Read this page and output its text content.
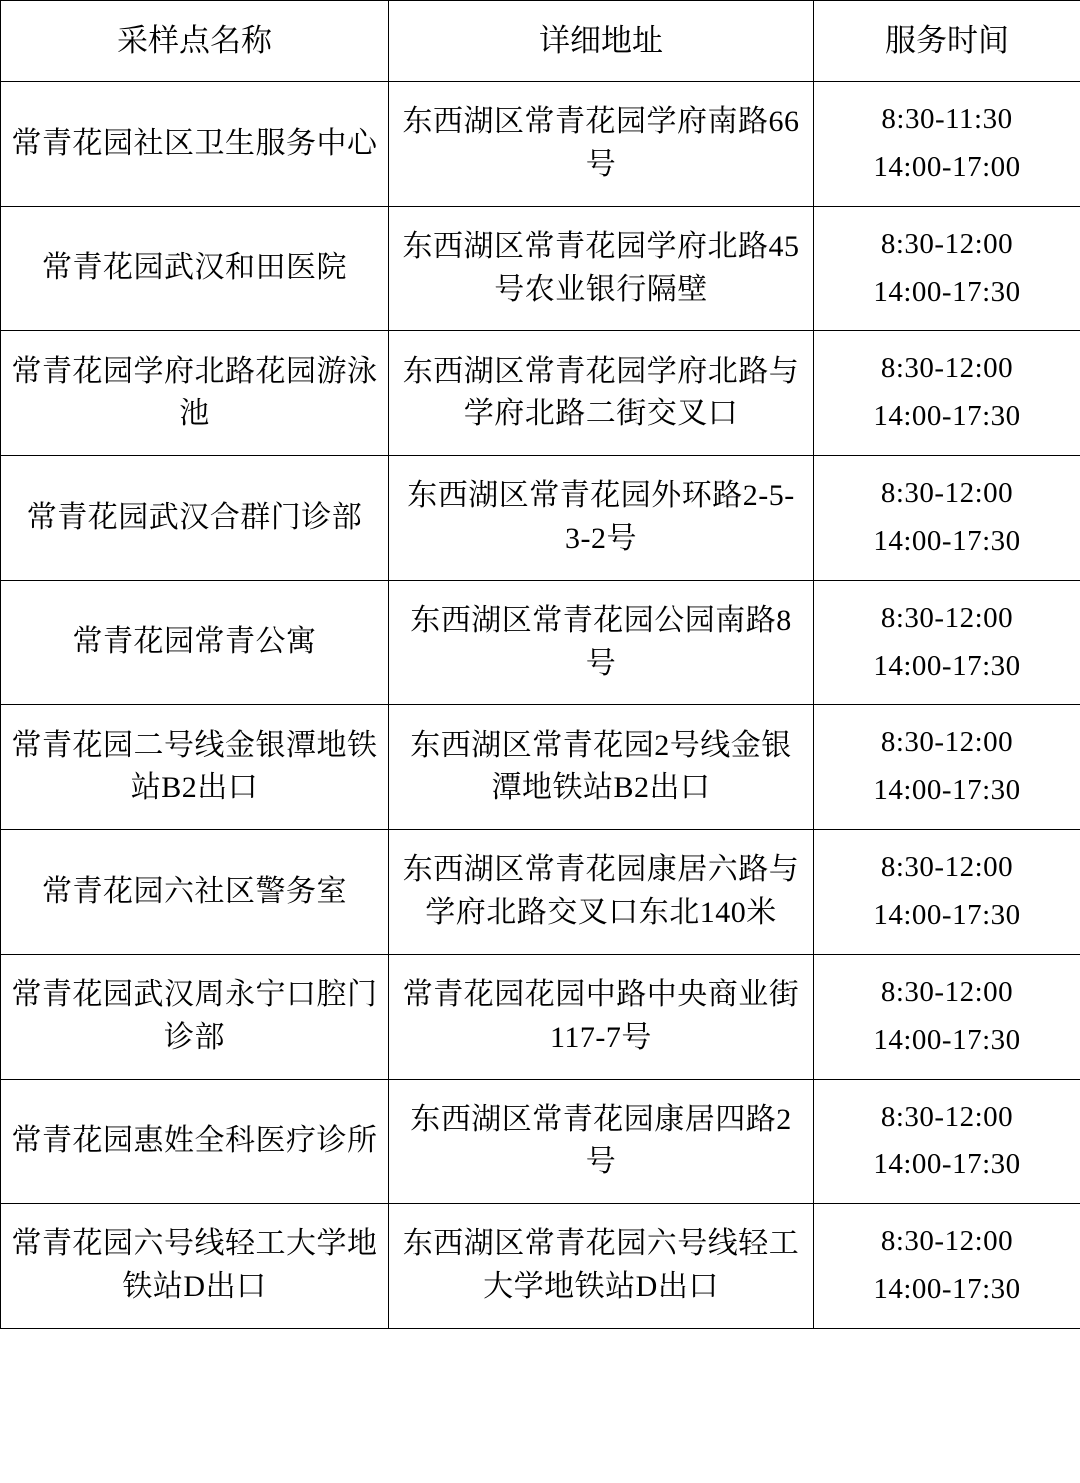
采样点名称	详细地址	服务时间
常青花园社区卫生服务中心	东西湖区常青花园学府南路66号	8:30-11:30
14:00-17:00

常青花园武汉和田医院	东西湖区常青花园学府北路45号农业银行隔壁	8:30-12:00
14:00-17:30

常青花园学府北路花园游泳池	东西湖区常青花园学府北路与学府北路二街交叉口	8:30-12:00
14:00-17:30

常青花园武汉合群门诊部	东西湖区常青花园外环路2-5-3-2号	8:30-12:00
14:00-17:30

常青花园常青公寓	东西湖区常青花园公园南路8号	8:30-12:00
14:00-17:30

常青花园二号线金银潭地铁站B2出口	东西湖区常青花园2号线金银潭地铁站B2出口	8:30-12:00
14:00-17:30

常青花园六社区警务室	东西湖区常青花园康居六路与学府北路交叉口东北140米	8:30-12:00
14:00-17:30

常青花园武汉周永宁口腔门诊部	常青花园花园中路中央商业街117-7号	8:30-12:00
14:00-17:30

常青花园惠姓全科医疗诊所	东西湖区常青花园康居四路2号	8:30-12:00
14:00-17:30

常青花园六号线轻工大学地铁站D出口	东西湖区常青花园六号线轻工大学地铁站D出口	8:30-12:00
14:00-17:30
